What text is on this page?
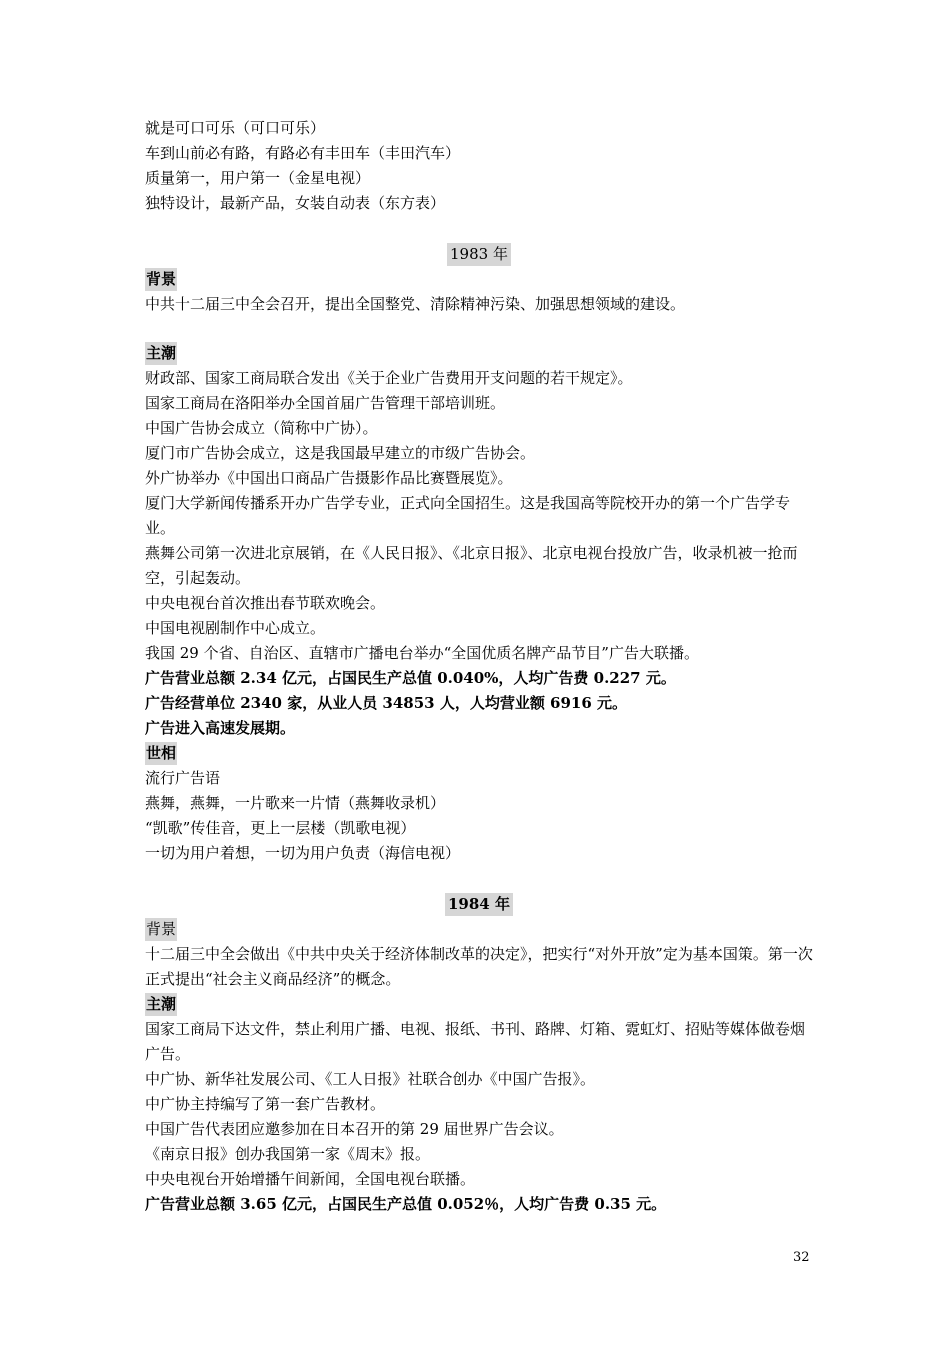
就是可口可乐（可口可乐）
车到山前必有路，有路必有丰田车（丰田汽车）
质量第一，用户第一（金星电视）
独特设计，最新产品，女装自动表（东方表）
1983 年
背景
中共十二届三中全会召开，提出全国整党、清除精神污染、加强思想领域的建设。
主潮
财政部、国家工商局联合发出《关于企业广告费用开支问题的若干规定》。
国家工商局在洛阳举办全国首届广告管理干部培训班。
中国广告协会成立（简称中广协）。
厦门市广告协会成立，这是我国最早建立的市级广告协会。
外广协举办《中国出口商品广告摄影作品比赛暨展览》。
厦门大学新闻传播系开办广告学专业，正式向全国招生。这是我国高等院校开办的第一个广告学专业。
燕舞公司第一次进北京展销，在《人民日报》、《北京日报》、北京电视台投放广告，收录机被一抢而空，引起轰动。
中央电视台首次推出春节联欢晚会。
中国电视剧制作中心成立。
我国 29 个省、自治区、直辖市广播电台举办“全国优质名牌产品节目”广告大联播。
广告营业总额 2.34 亿元，占国民生产总值 0.040%，人均广告费 0.227 元。
广告经营单位 2340 家，从业人员 34853 人，人均营业额 6916 元。
广告进入高速发展期。
世相
流行广告语
燕舞，燕舞，一片歌来一片情（燕舞收录机）
“凯歌”传佳音，更上一层楼（凯歌电视）
一切为用户着想，一切为用户负责（海信电视）
1984 年
背景
十二届三中全会做出《中共中央关于经济体制改革的决定》，把实行“对外开放”定为基本国策。第一次正式提出“社会主义商品经济”的概念。
主潮
国家工商局下达文件，禁止利用广播、电视、报纸、书刊、路牌、灯箱、霓虹灯、招贴等媒体做卷烟广告。
中广协、新华社发展公司、《工人日报》社联合创办《中国广告报》。
中广协主持编写了第一套广告教材。
中国广告代表团应邀参加在日本召开的第 29 届世界广告会议。
《南京日报》创办我国第一家《周末》报。
中央电视台开始增播午间新闻，全国电视台联播。
广告营业总额 3.65 亿元，占国民生产总值 0.052％，人均广告费 0.35 元。
32
